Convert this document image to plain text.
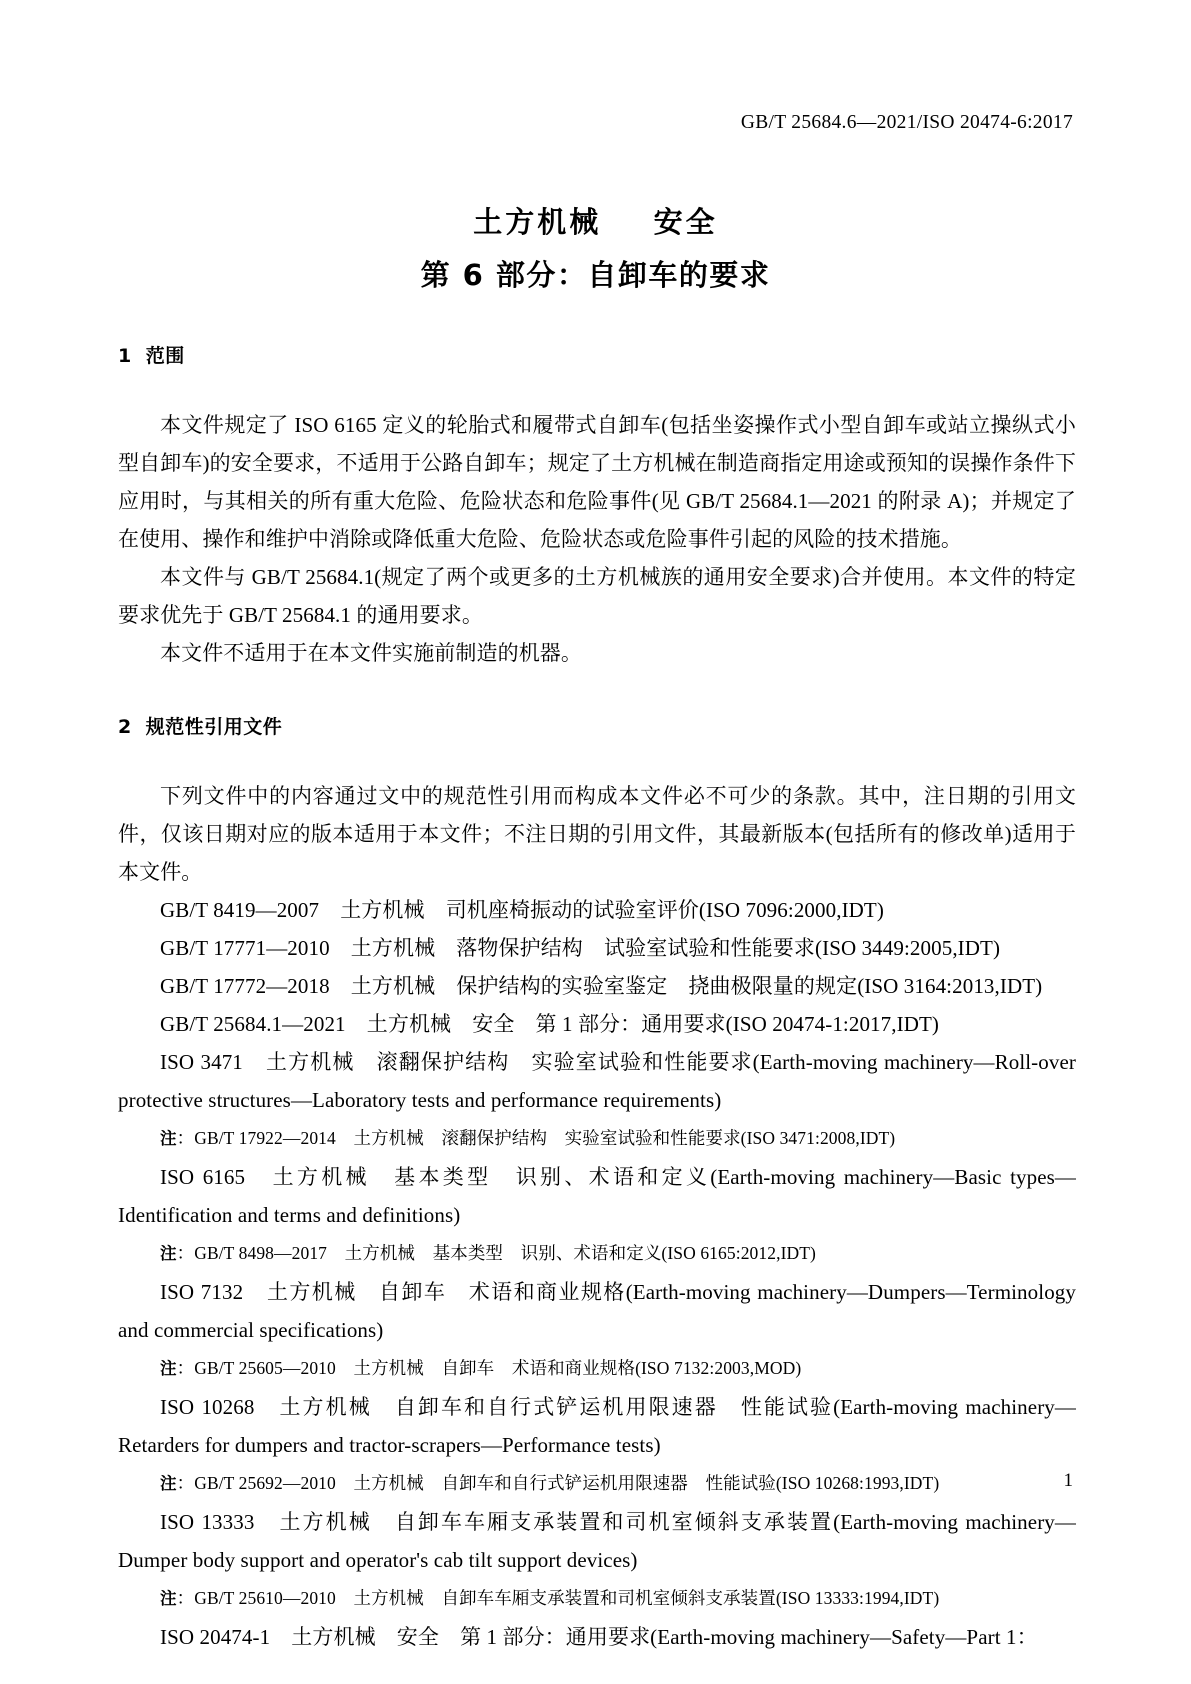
GB/T 25684.6—2021/ISO 20474-6:2017
土方机械    安全
第 6 部分：自卸车的要求
1 范围

本文件规定了 ISO 6165 定义的轮胎式和履带式自卸车(包括坐姿操作式小型自卸车或站立操纵式小型自卸车)的安全要求，不适用于公路自卸车；规定了土方机械在制造商指定用途或预知的误操作条件下应用时，与其相关的所有重大危险、危险状态和危险事件(见 GB/T 25684.1—2021 的附录 A)；并规定了在使用、操作和维护中消除或降低重大危险、危险状态或危险事件引起的风险的技术措施。

本文件与 GB/T 25684.1(规定了两个或更多的土方机械族的通用安全要求)合并使用。本文件的特定要求优先于 GB/T 25684.1 的通用要求。

本文件不适用于在本文件实施前制造的机器。

2 规范性引用文件

下列文件中的内容通过文中的规范性引用而构成本文件必不可少的条款。其中，注日期的引用文件，仅该日期对应的版本适用于本文件；不注日期的引用文件，其最新版本(包括所有的修改单)适用于本文件。

GB/T 8419—2007　土方机械　司机座椅振动的试验室评价(ISO 7096:2000,IDT)

GB/T 17771—2010　土方机械　落物保护结构　试验室试验和性能要求(ISO 3449:2005,IDT)

GB/T 17772—2018　土方机械　保护结构的实验室鉴定　挠曲极限量的规定(ISO 3164:2013,IDT)

GB/T 25684.1—2021　土方机械　安全　第 1 部分：通用要求(ISO 20474-1:2017,IDT)

ISO 3471　土方机械　滚翻保护结构　实验室试验和性能要求(Earth-moving machinery—Roll-over protective structures—Laboratory tests and performance requirements)

注：GB/T 17922—2014　土方机械　滚翻保护结构　实验室试验和性能要求(ISO 3471:2008,IDT)

ISO 6165　土方机械　基本类型　识别、术语和定义(Earth-moving machinery—Basic types—Identification and terms and definitions)

注：GB/T 8498—2017　土方机械　基本类型　识别、术语和定义(ISO 6165:2012,IDT)

ISO 7132　土方机械　自卸车　术语和商业规格(Earth-moving machinery—Dumpers—Terminology and commercial specifications)

注：GB/T 25605—2010　土方机械　自卸车　术语和商业规格(ISO 7132:2003,MOD)

ISO 10268　土方机械　自卸车和自行式铲运机用限速器　性能试验(Earth-moving machinery—Retarders for dumpers and tractor-scrapers—Performance tests)

注：GB/T 25692—2010　土方机械　自卸车和自行式铲运机用限速器　性能试验(ISO 10268:1993,IDT)

ISO 13333　土方机械　自卸车车厢支承装置和司机室倾斜支承装置(Earth-moving machinery—Dumper body support and operator's cab tilt support devices)

注：GB/T 25610—2010　土方机械　自卸车车厢支承装置和司机室倾斜支承装置(ISO 13333:1994,IDT)

ISO 20474-1　土方机械　安全　第 1 部分：通用要求(Earth-moving machinery—Safety—Part 1：

1
